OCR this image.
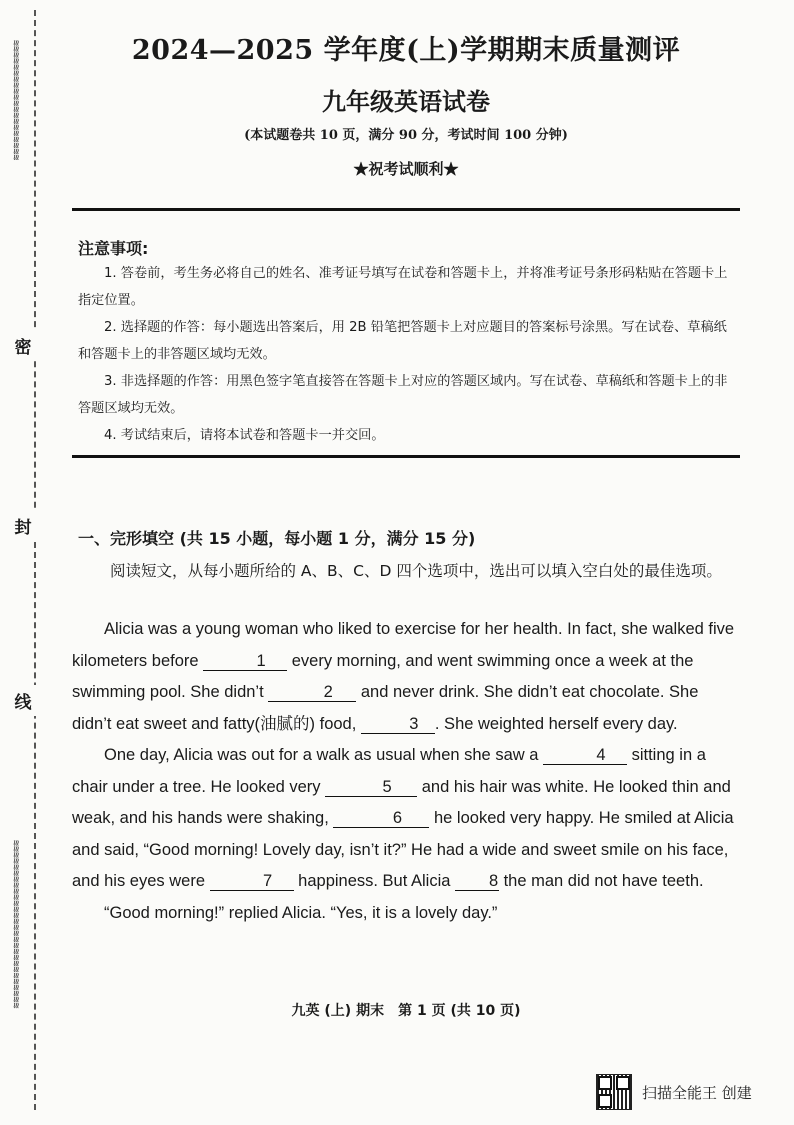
≋≋≋≋≋≋≋≋≋≋≋≋≋≋≋≋≋≋≋≋
≋≋≋≋≋≋≋≋≋≋≋≋≋≋≋≋≋≋≋≋≋≋≋≋≋≋≋≋
密
封
线
2024—2025 学年度(上)学期期末质量测评
九年级英语试卷
(本试题卷共 10 页，满分 90 分，考试时间 100 分钟)
★祝考试顺利★
注意事项:
1. 答卷前，考生务必将自己的姓名、准考证号填写在试卷和答题卡上，并将准考证号条形码粘贴在答题卡上指定位置。
2. 选择题的作答：每小题选出答案后，用 2B 铅笔把答题卡上对应题目的答案标号涂黑。写在试卷、草稿纸和答题卡上的非答题区域均无效。
3. 非选择题的作答：用黑色签字笔直接答在答题卡上对应的答题区域内。写在试卷、草稿纸和答题卡上的非答题区域均无效。
4. 考试结束后，请将本试卷和答题卡一并交回。
一、完形填空 (共 15 小题，每小题 1 分，满分 15 分)
阅读短文，从每小题所给的 A、B、C、D 四个选项中，选出可以填入空白处的最佳选项。

Alicia was a young woman who liked to exercise for her health. In fact, she walked five kilometers before	1 every morning, and went swimming once a week at the swimming pool. She didn’t	2 and never drink. She didn’t eat chocolate. She didn’t eat sweet and fatty(油腻的) food,	3 . She weighted herself every day.

One day, Alicia was out for a walk as usual when she saw a	4 sitting in a chair under a tree. He looked very	5 and his hair was white. He looked thin and weak, and his hands were shaking,	6 he looked very happy. He smiled at Alicia and said, “Good morning! Lovely day, isn’t it?” He had a wide and sweet smile on his face, and his eyes were	7 happiness. But Alicia 8 the man did not have teeth.

“Good morning!” replied Alicia. “Yes, it is a lovely day.”

九英 (上) 期末　第 1 页 (共 10 页)
扫描全能王 创建
